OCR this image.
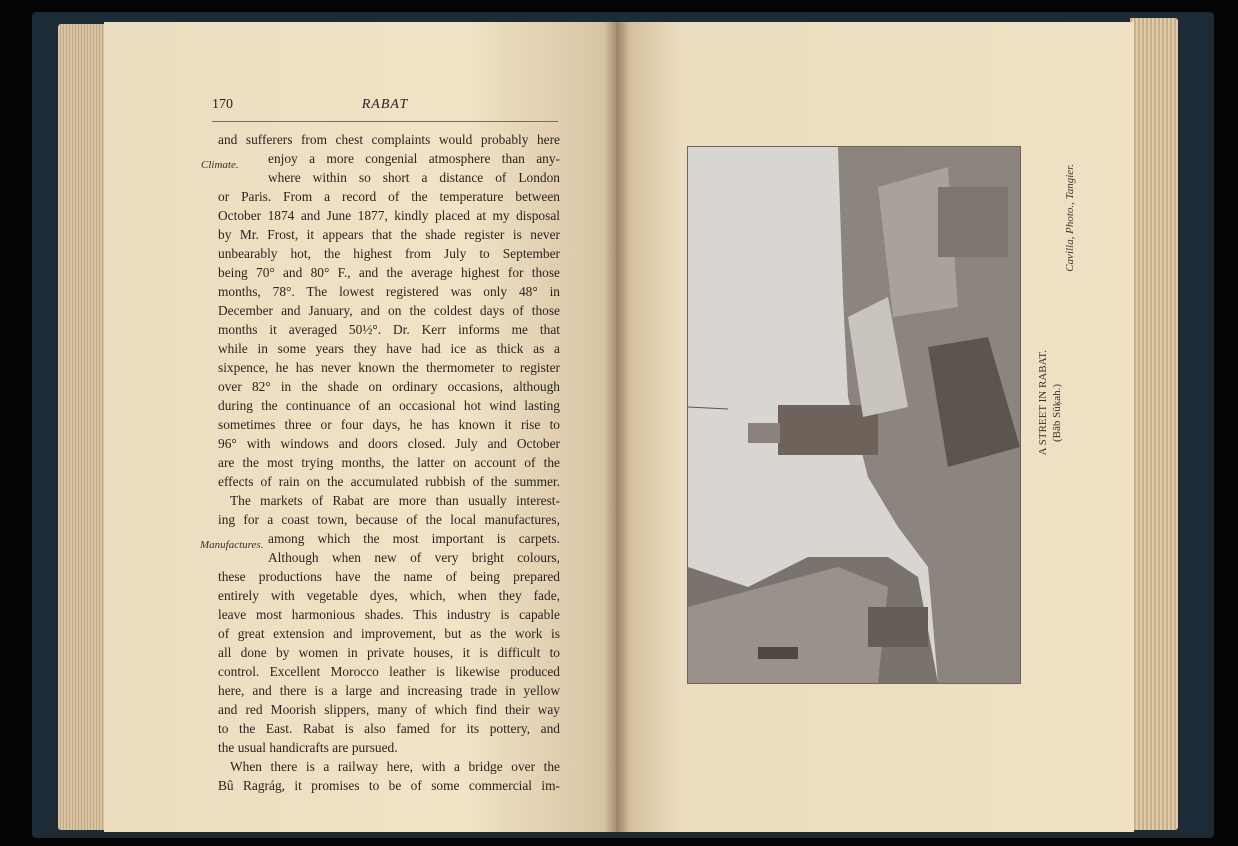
170	RABAT
Climate.
Manufactures.
and sufferers from chest complaints would probably here
enjoy a more congenial atmosphere than any-
where within so short a distance of London
or Paris. From a record of the temperature between
October 1874 and June 1877, kindly placed at my disposal
by Mr. Frost, it appears that the shade register is never
unbearably hot, the highest from July to September
being 70° and 80° F., and the average highest for those
months, 78°. The lowest registered was only 48° in
December and January, and on the coldest days of those
months it averaged 50½°. Dr. Kerr informs me that
while in some years they have had ice as thick as a
sixpence, he has never known the thermometer to register
over 82° in the shade on ordinary occasions, although
during the continuance of an occasional hot wind lasting
sometimes three or four days, he has known it rise to
96° with windows and doors closed. July and October
are the most trying months, the latter on account of the
effects of rain on the accumulated rubbish of the summer.
The markets of Rabat are more than usually interest-
ing for a coast town, because of the local manufactures,
among which the most important is carpets.
Although when new of very bright colours,
these productions have the name of being prepared
entirely with vegetable dyes, which, when they fade,
leave most harmonious shades. This industry is capable
of great extension and improvement, but as the work is
all done by women in private houses, it is difficult to
control. Excellent Morocco leather is likewise produced
here, and there is a large and increasing trade in yellow
and red Moorish slippers, many of which find their way
to the East. Rabat is also famed for its pottery, and
the usual handicrafts are pursued.
When there is a railway here, with a bridge over the
Bû Ragrág, it promises to be of some commercial im-
A STREET IN RABAT. (Bâb Sûḳah.)
Cavilla, Photo., Tangier.
